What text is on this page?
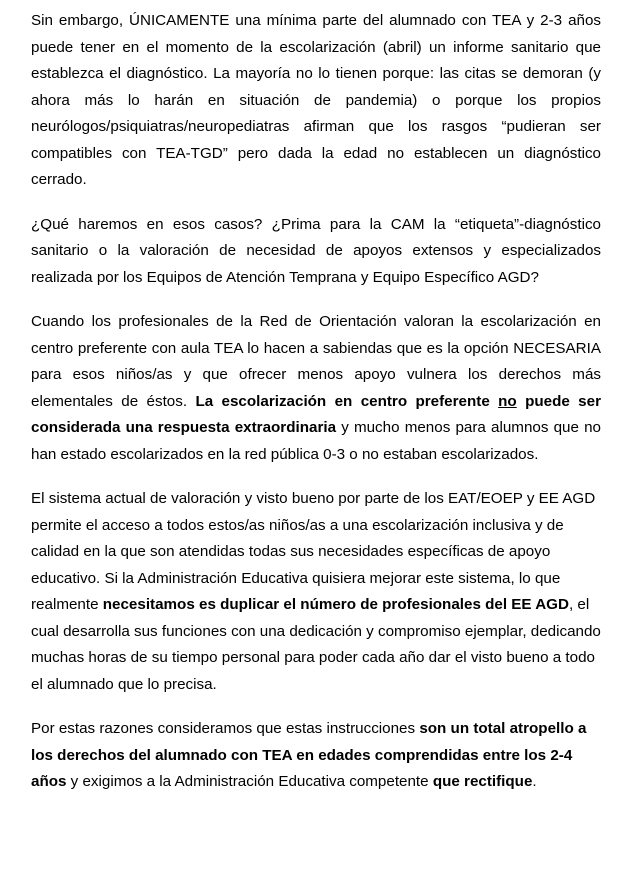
Sin embargo, ÚNICAMENTE una mínima parte del alumnado con TEA y 2-3 años puede tener en el momento de la escolarización (abril) un informe sanitario que establezca el diagnóstico. La mayoría no lo tienen porque: las citas se demoran (y ahora más lo harán en situación de pandemia) o porque los propios neurólogos/psiquiatras/neuropediatras afirman que los rasgos “pudieran ser compatibles con TEA-TGD” pero dada la edad no establecen un diagnóstico cerrado.

¿Qué haremos en esos casos? ¿Prima para la CAM la “etiqueta”-diagnóstico sanitario o la valoración de necesidad de apoyos extensos y especializados realizada por los Equipos de Atención Temprana y Equipo Específico AGD?

Cuando los profesionales de la Red de Orientación valoran la escolarización en centro preferente con aula TEA lo hacen a sabiendas que es la opción NECESARIA para esos niños/as y que ofrecer menos apoyo vulnera los derechos más elementales de éstos. La escolarización en centro preferente no puede ser considerada una respuesta extraordinaria y mucho menos para alumnos que no han estado escolarizados en la red pública 0-3 o no estaban escolarizados.

El sistema actual de valoración y visto bueno por parte de los EAT/EOEP y EE AGD permite el acceso a todos estos/as niños/as a una escolarización inclusiva y de calidad en la que son atendidas todas sus necesidades específicas de apoyo educativo. Si la Administración Educativa quisiera mejorar este sistema, lo que realmente necesitamos es duplicar el número de profesionales del EE AGD, el cual desarrolla sus funciones con una dedicación y compromiso ejemplar, dedicando muchas horas de su tiempo personal para poder cada año dar el visto bueno a todo el alumnado que lo precisa.

Por estas razones consideramos que estas instrucciones son un total atropello a los derechos del alumnado con TEA en edades comprendidas entre los 2-4 años y exigimos a la Administración Educativa competente que rectifique.
